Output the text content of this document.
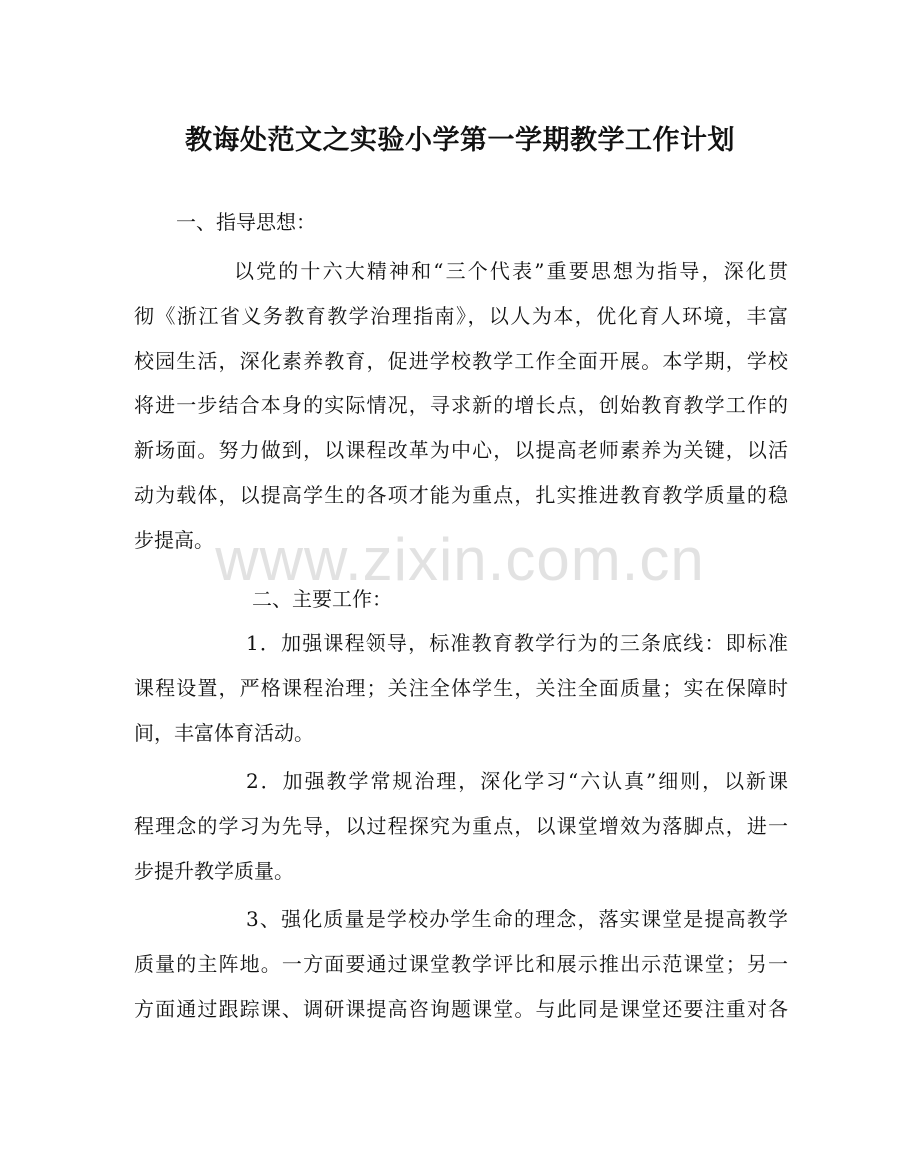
教诲处范文之实验小学第一学期教学工作计划
一、指导思想：
以党的十六大精神和“三个代表”重要思想为指导，深化贯
彻《浙江省义务教育教学治理指南》，以人为本，优化育人环境，丰富
校园生活，深化素养教育，促进学校教学工作全面开展。本学期，学校
将进一步结合本身的实际情况，寻求新的增长点，创始教育教学工作的
新场面。努力做到，以课程改革为中心，以提高老师素养为关键，以活
动为载体，以提高学生的各项才能为重点，扎实推进教育教学质量的稳
步提高。
二、主要工作：
1．加强课程领导，标准教育教学行为的三条底线：即标准
课程设置，严格课程治理；关注全体学生，关注全面质量；实在保障时
间，丰富体育活动。
2．加强教学常规治理，深化学习“六认真”细则，以新课
程理念的学习为先导，以过程探究为重点，以课堂增效为落脚点，进一
步提升教学质量。
3、强化质量是学校办学生命的理念，落实课堂是提高教学
质量的主阵地。一方面要通过课堂教学评比和展示推出示范课堂；另一
方面通过跟踪课、调研课提高咨询题课堂。与此同是课堂还要注重对各
www.zixin.com.cn
